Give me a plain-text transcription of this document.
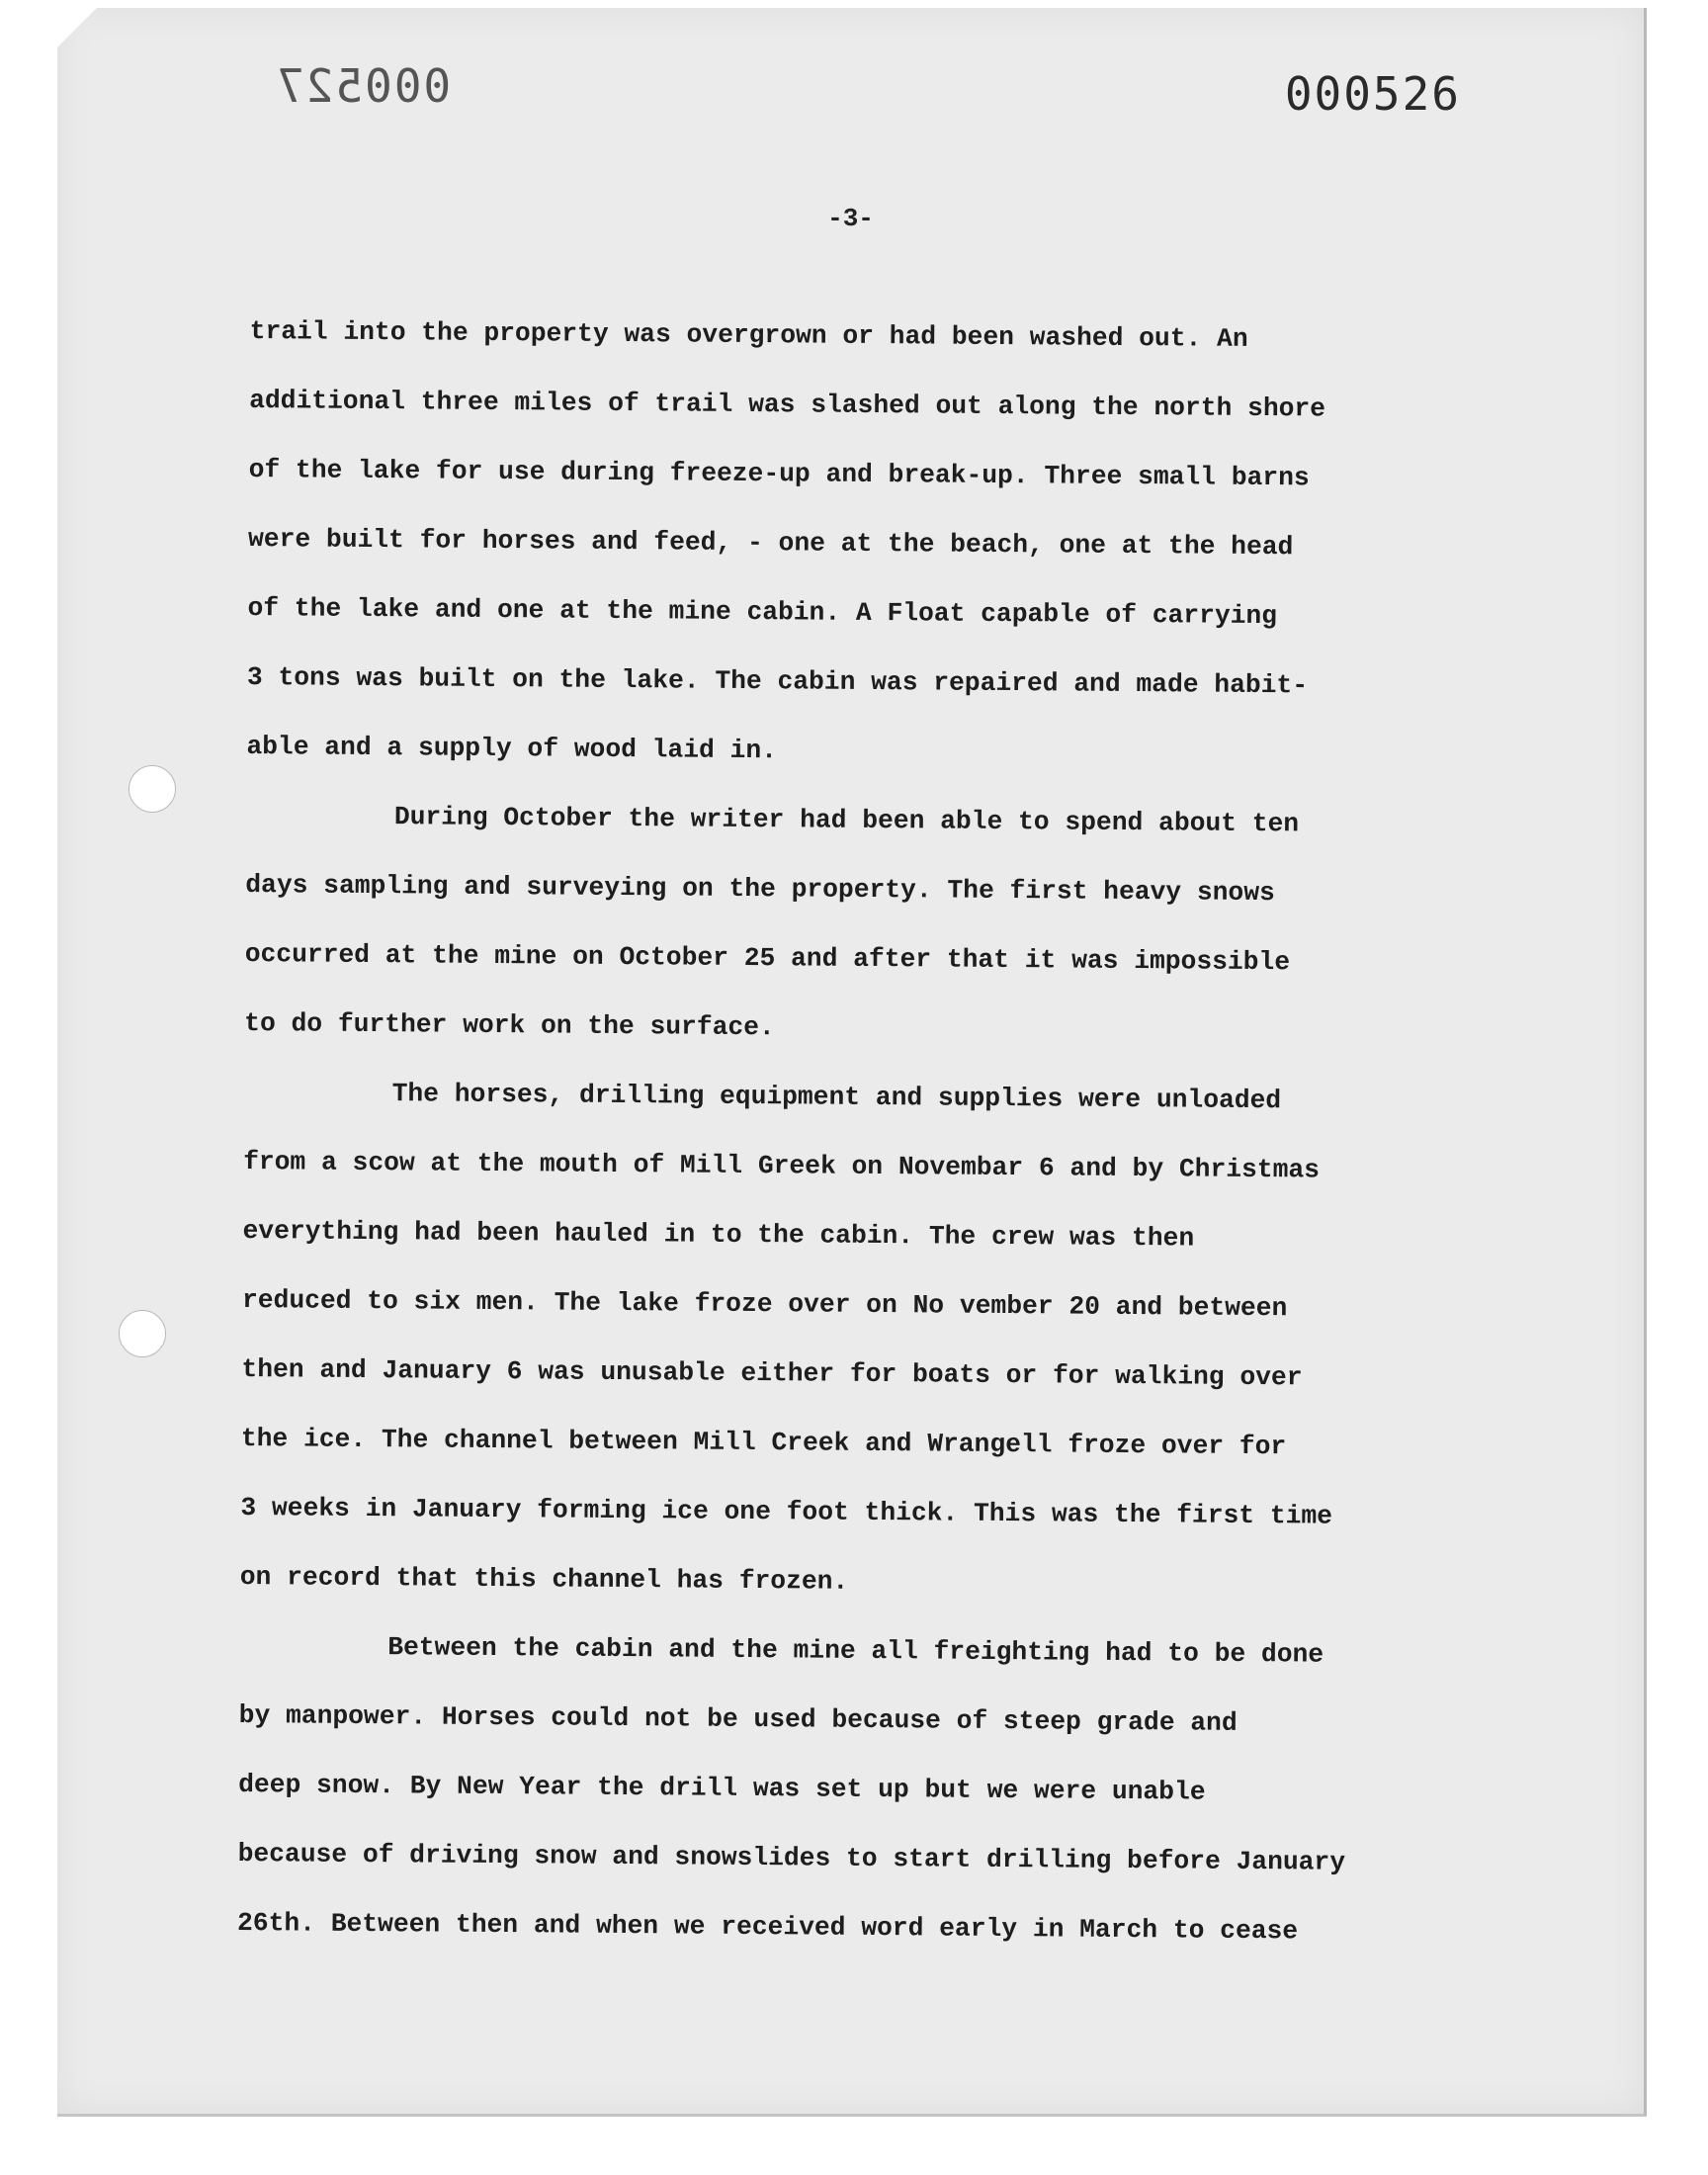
000527	000526
-3-

trail into the property was overgrown or had been washed out. An

additional three miles of trail was slashed out along the north shore

of the lake for use during freeze-up and break-up. Three small barns

were built for horses and feed, - one at the beach, one at the head

of the lake and one at the mine cabin. A Float capable of carrying

3 tons was built on the lake. The cabin was repaired and made habit-

able and a supply of wood laid in.

During October the writer had been able to spend about ten

days sampling and surveying on the property. The first heavy snows

occurred at the mine on October 25 and after that it was impossible

to do further work on the surface.

The horses, drilling equipment and supplies were unloaded

from a scow at the mouth of Mill Greek on Novembar 6 and by Christmas

everything had been hauled in to the cabin. The crew was then

reduced to six men. The lake froze over on No vember 20 and between

then and January 6 was unusable either for boats or for walking over

the ice. The channel between Mill Creek and Wrangell froze over for

3 weeks in January forming ice one foot thick. This was the first time

on record that this channel has frozen.

Between the cabin and the mine all freighting had to be done

by manpower. Horses could not be used because of steep grade and

deep snow. By New Year the drill was set up but we were unable

because of driving snow and snowslides to start drilling before January

26th. Between then and when we received word early in March to cease
